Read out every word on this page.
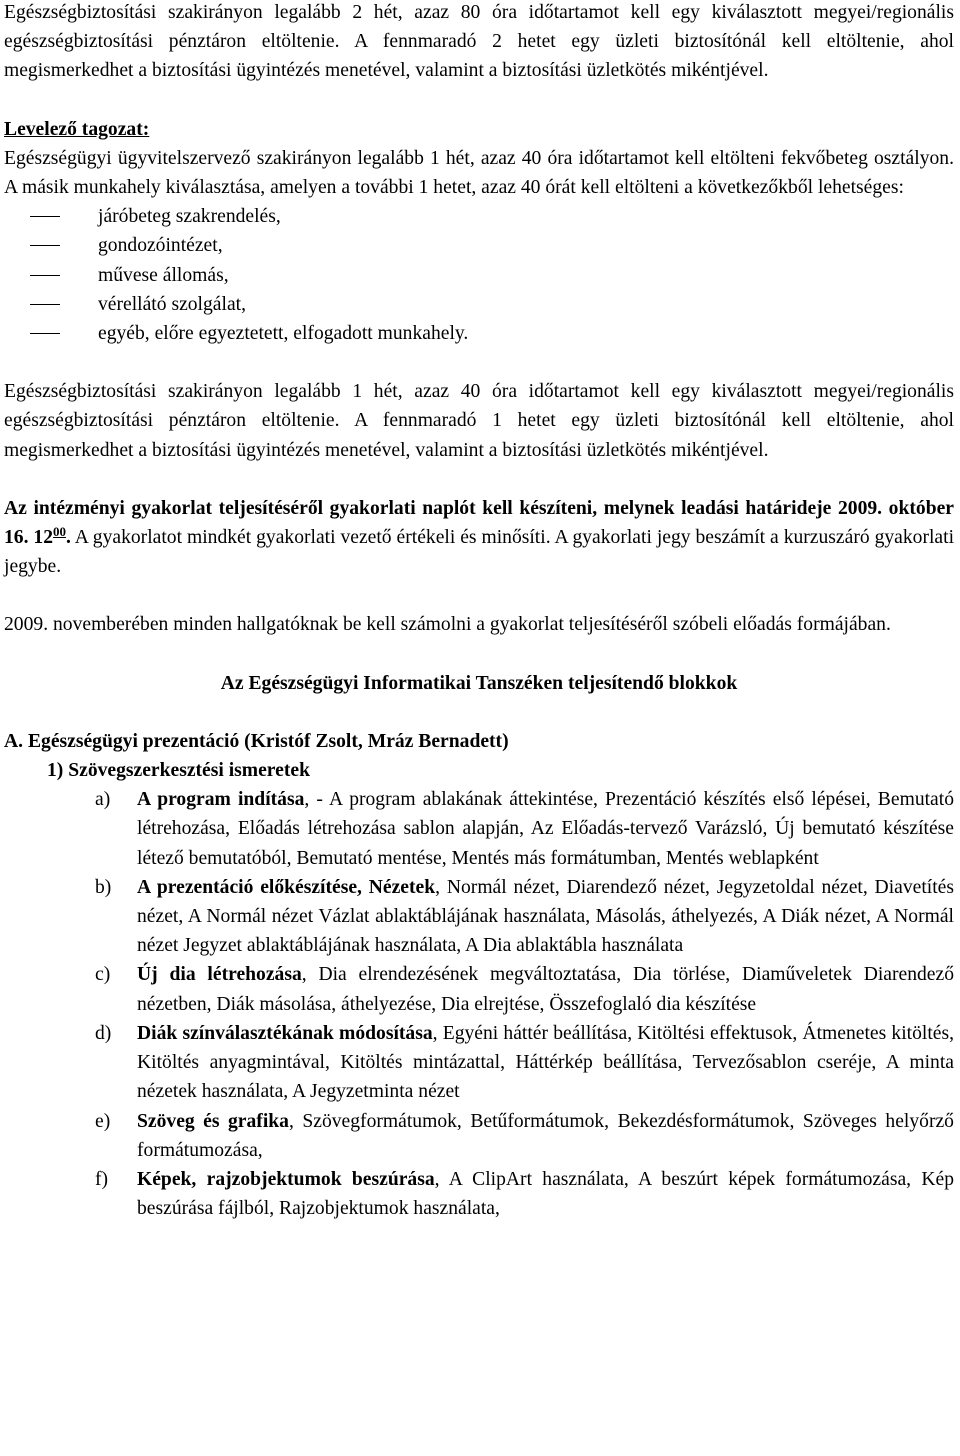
Egészségbiztosítási szakirányon legalább 2 hét, azaz 80 óra időtartamot kell egy kiválasztott megyei/regionális egészségbiztosítási pénztáron eltöltenie. A fennmaradó 2 hetet egy üzleti biztosítónál kell eltöltenie, ahol megismerkedhet a biztosítási ügyintézés menetével, valamint a biztosítási üzletkötés mikéntjével.

Levelező tagozat:

Egészségügyi ügyvitelszervező szakirányon legalább 1 hét, azaz 40 óra időtartamot kell eltölteni fekvőbeteg osztályon. A másik munkahely kiválasztása, amelyen a további 1 hetet, azaz 40 órát kell eltölteni a következőkből lehetséges:

járóbeteg szakrendelés,
gondozóintézet,
művese állomás,
vérellátó szolgálat,
egyéb, előre egyeztetett, elfogadott munkahely.

Egészségbiztosítási szakirányon legalább 1 hét, azaz 40 óra időtartamot kell egy kiválasztott megyei/regionális egészségbiztosítási pénztáron eltöltenie. A fennmaradó 1 hetet egy üzleti biztosítónál kell eltöltenie, ahol megismerkedhet a biztosítási ügyintézés menetével, valamint a biztosítási üzletkötés mikéntjével.

Az intézményi gyakorlat teljesítéséről gyakorlati naplót kell készíteni, melynek leadási határideje 2009. október 16. $12^{00}$. A gyakorlatot mindkét gyakorlati vezető értékeli és minősíti. A gyakorlati jegy beszámít a kurzuszáró gyakorlati jegybe.

2009. novemberében minden hallgatóknak be kell számolni a gyakorlat teljesítéséről szóbeli előadás formájában.

Az Egészségügyi Informatikai Tanszéken teljesítendő blokkok

A. Egészségügyi prezentáció (Kristóf Zsolt, Mráz Bernadett)

1) Szövegszerkesztési ismeretek

a) A program indítása, - A program ablakának áttekintése, Prezentáció készítés első lépései, Bemutató létrehozása, Előadás létrehozása sablon alapján, Az Előadás-tervező Varázsló, Új bemutató készítése létező bemutatóból, Bemutató mentése, Mentés más formátumban, Mentés weblapként
b) A prezentáció előkészítése, Nézetek, Normál nézet, Diarendező nézet, Jegyzetoldal nézet, Diavetítés nézet, A Normál nézet Vázlat ablaktáblájának használata, Másolás, áthelyezés, A Diák nézet, A Normál nézet Jegyzet ablaktáblájának használata, A Dia ablaktábla használata
c) Új dia létrehozása, Dia elrendezésének megváltoztatása, Dia törlése, Diaműveletek Diarendező nézetben, Diák másolása, áthelyezése, Dia elrejtése, Összefoglaló dia készítése
d) Diák színválasztékának módosítása, Egyéni háttér beállítása, Kitöltési effektusok, Átmenetes kitöltés, Kitöltés anyagmintával, Kitöltés mintázattal, Háttérkép beállítása, Tervezősablon cseréje, A minta nézetek használata, A Jegyzetminta nézet
e) Szöveg és grafika, Szövegformátumok, Betűformátumok, Bekezdésformátumok, Szöveges helyőrző formátumozása,
f) Képek, rajzobjektumok beszúrása, A ClipArt használata, A beszúrt képek formátumozása, Kép beszúrása fájlból, Rajzobjektumok használata,
